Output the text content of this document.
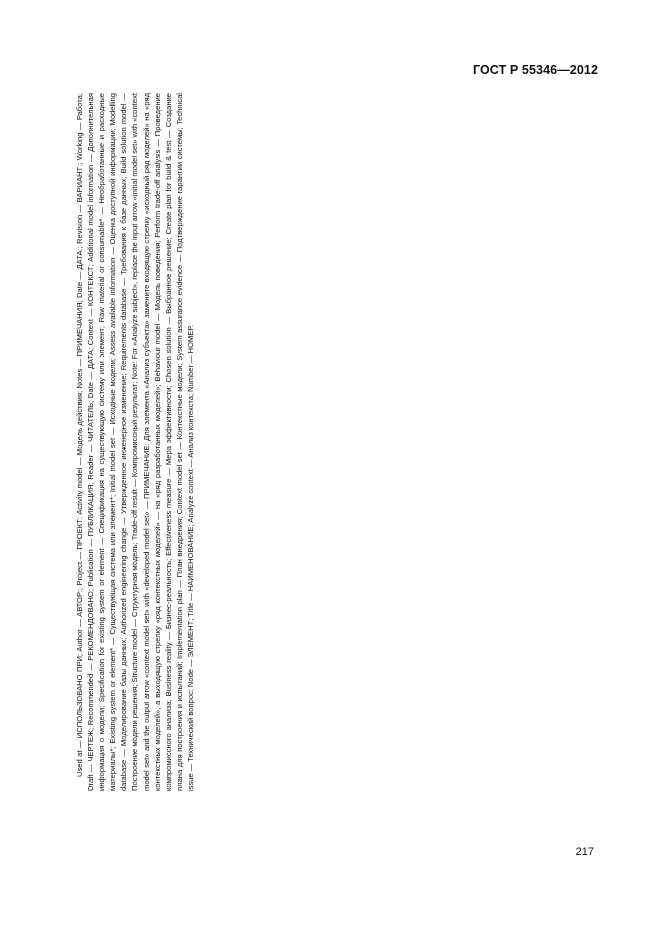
ГОСТ Р 55346—2012

Used at — ИСПОЛЬЗОВАНО ПРИ; Author — АВТОР:; Project — ПРОЕКТ: Activity model — Модель действия; Notes — ПРИМЕЧАНИЯ; Date — ДАТА:; Revision — ВАРИАНТ:; Working — Работа; Draft — ЧЕРТЕЖ; Recommended — РЕКОМЕНДОВАНО; Publication — ПУБЛИКАЦИЯ; Reader — ЧИТАТЕЛЬ; Date — ДАТА; Context — КОНТЕКСТ; Additional model information — Дополнительная информация о модели; Specification for existing system or element — Спецификация на существующую систему или элемент; Raw material or consumable* — Необработанные и расходные материалы*; Existing system or element* — Существующая система или элемент*; Initial model set — Исходные модели; Assess available information — Оценка доступной информации; Modelling database — Моделирование базы данных; Authorized engineering change — Утвержденное инженерное изменение; Requirements database — Требования к базе данных; Build solution model — Построение модели решения; Structure model — Структурная модель; Trade-off result — Компромиссный результат; Note: For «Analyze subject», replace the input arrow «initial model set» with «context model set» and the output arrow «context model set» with «developed model set» — ПРИМЕЧАНИЕ: Для элемента «Анализ субъекта» замените входящую стрелку «исходный ряд моделей» на «ряд контекстных моделей», а выходящую стрелку «ряд контекстных моделей» — на «ряд разработанных моделей»; Behaviour model — Модель поведения; Perform trade-off analysis — Проведение компромиссного анализа; Business reality — Бизнес-реальность; Effectiveness measure — Мера эффективности; Chosen solution — Выбранное решение; Create plan for build & test — Создание плана для построения и испытаний; Implementation plan — План внедрения; Context model set — Контекстные модели; System assurance evidence — Подтверждение гарантии системы; Technical issue — Технический вопрос; Node — ЭЛЕМЕНТ; Title — НАИМЕНОВАНИЕ; Analyze context — Анализ контекста; Number — НОМЕР.

217
